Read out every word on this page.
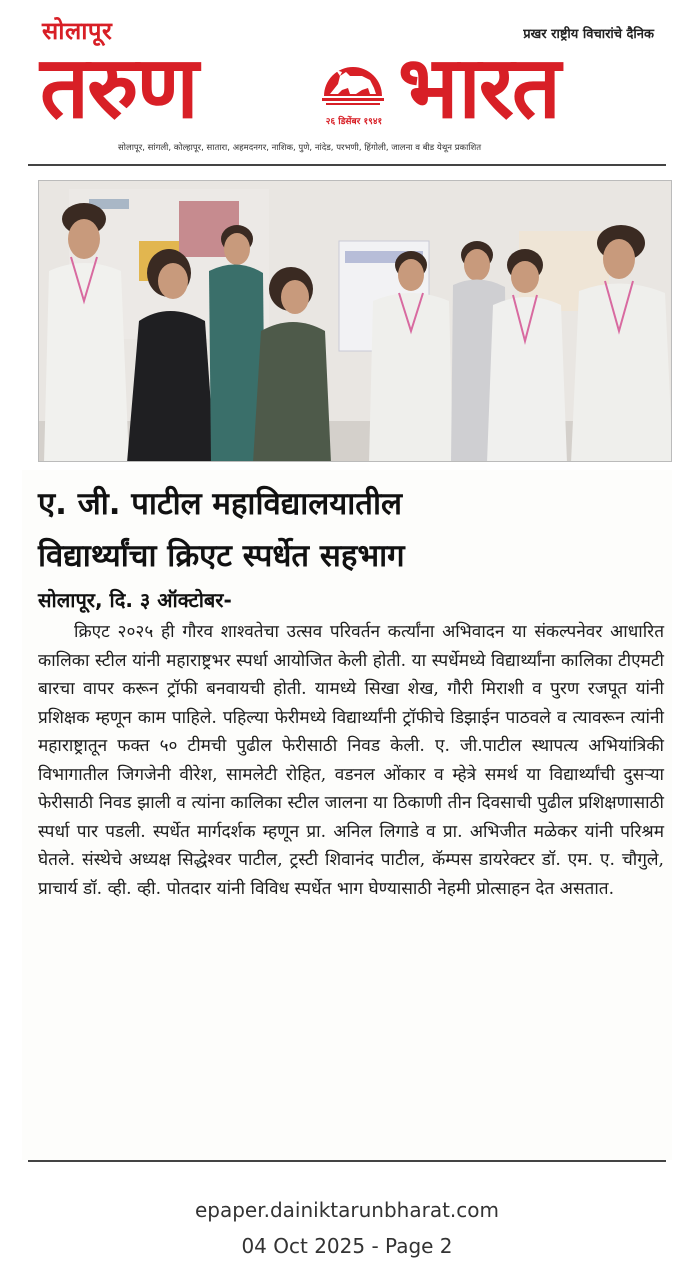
सोलापूर	प्रखर राष्ट्रीय विचारांचे दैनिक
तरुण	२६ डिसेंबर १९४१ भारत
सोलापूर, सांगली, कोल्हापूर, सातारा, अहमदनगर, नाशिक, पुणे, नांदेड, परभणी, हिंगोली, जालना व बीड येथून प्रकाशित
ए. जी. पाटील महाविद्यालयातील
विद्यार्थ्यांचा क्रिएट स्पर्धेत सहभाग
सोलापूर, दि. ३ ऑक्टोबर-

क्रिएट २०२५ ही गौरव शाश्वतेचा उत्सव परिवर्तन कर्त्यांना अभिवादन या संकल्पनेवर आधारित कालिका स्टील यांनी महाराष्ट्रभर स्पर्धा आयोजित केली होती. या स्पर्धेमध्ये विद्यार्थ्यांना कालिका टीएमटी बारचा वापर करून ट्रॉफी बनवायची होती. यामध्ये सिखा शेख, गौरी मिराशी व पुरण रजपूत यांनी प्रशिक्षक म्हणून काम पाहिले. पहिल्या फेरीमध्ये विद्यार्थ्यांनी ट्रॉफीचे डिझाईन पाठवले व त्यावरून त्यांनी महाराष्ट्रातून फक्त ५० टीमची पुढील फेरीसाठी निवड केली. ए. जी.पाटील स्थापत्य अभियांत्रिकी विभागातील जिगजेनी वीरेश, सामलेटी रोहित, वडनल ओंकार व म्हेत्रे समर्थ या विद्यार्थ्यांची दुसऱ्या फेरीसाठी निवड झाली व त्यांना कालिका स्टील जालना या ठिकाणी तीन दिवसाची पुढील प्रशिक्षणासाठी स्पर्धा पार पडली. स्पर्धेत मार्गदर्शक म्हणून प्रा. अनिल लिगाडे व प्रा. अभिजीत मळेकर यांनी परिश्रम घेतले. संस्थेचे अध्यक्ष सिद्धेश्वर पाटील, ट्रस्टी शिवानंद पाटील, कॅम्पस डायरेक्टर डॉ. एम. ए. चौगुले, प्राचार्य डॉ. व्ही. व्ही. पोतदार यांनी विविध स्पर्धेत भाग घेण्यासाठी नेहमी प्रोत्साहन देत असतात.

epaper.dainiktarunbharat.com
04 Oct 2025 - Page 2
